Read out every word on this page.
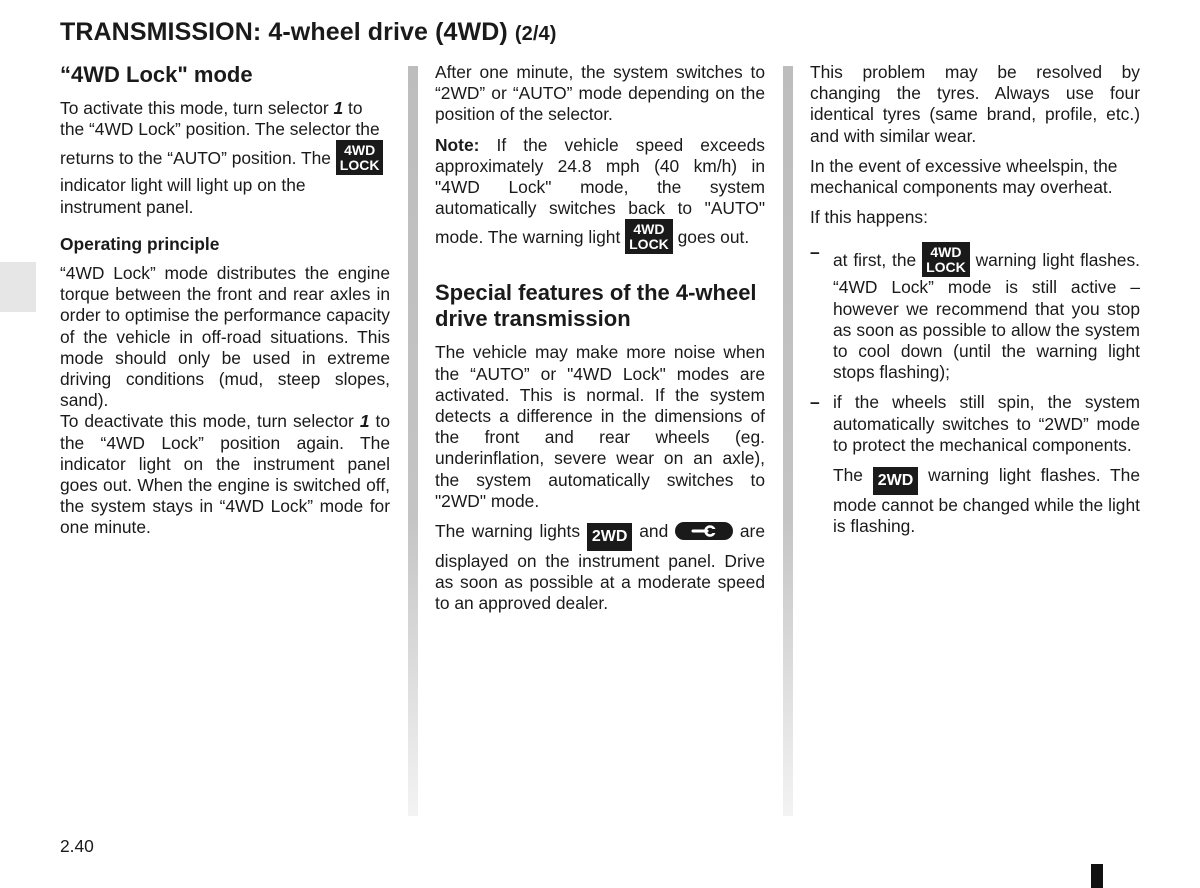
TRANSMISSION: 4-wheel drive (4WD) (2/4)
“4WD Lock" mode

To activate this mode, turn selector 1 to the “4WD Lock” position. The selector the returns to the “AUTO” position. The 4WD
LOCK
indicator light will light up on the instrument panel.

Operating principle

“4WD Lock” mode distributes the engine torque between the front and rear axles in order to optimise the performance capacity of the vehicle in off-road situations. This mode should only be used in extreme driving conditions (mud, steep slopes, sand).

To deactivate this mode, turn selector 1 to the “4WD Lock” position again. The indicator light on the instrument panel goes out. When the engine is switched off, the system stays in “4WD Lock” mode for one minute.

After one minute, the system switches to “2WD” or “AUTO” mode depending on the position of the selector.

Note: If the vehicle speed exceeds approximately 24.8 mph (40 km/h) in "4WD Lock" mode, the system automatically switches back to "AUTO" mode. The warning light 4WD
LOCK goes out.

Special features of the 4-wheel drive transmission

The vehicle may make more noise when the “AUTO” or "4WD Lock" modes are activated. This is normal. If the system detects a difference in the dimensions of the front and rear wheels (eg. underinflation, severe wear on an axle), the system automatically switches to "2WD" mode.

The warning lights 2WD and	are displayed on the instrument panel. Drive as soon as possible at a moderate speed to an approved dealer.

This problem may be resolved by changing the tyres. Always use four identical tyres (same brand, profile, etc.) and with similar wear.

In the event of excessive wheelspin, the mechanical components may overheat.

If this happens:

– at first, the 4WD
LOCK warning light flashes. “4WD Lock” mode is still active – however we recommend that you stop as soon as possible to allow the system to cool down (until the warning light stops flashing);
– if the wheels still spin, the system automatically switches to “2WD” mode to protect the mechanical components.

The 2WD warning light flashes. The mode cannot be changed while the light is flashing.

2.40
